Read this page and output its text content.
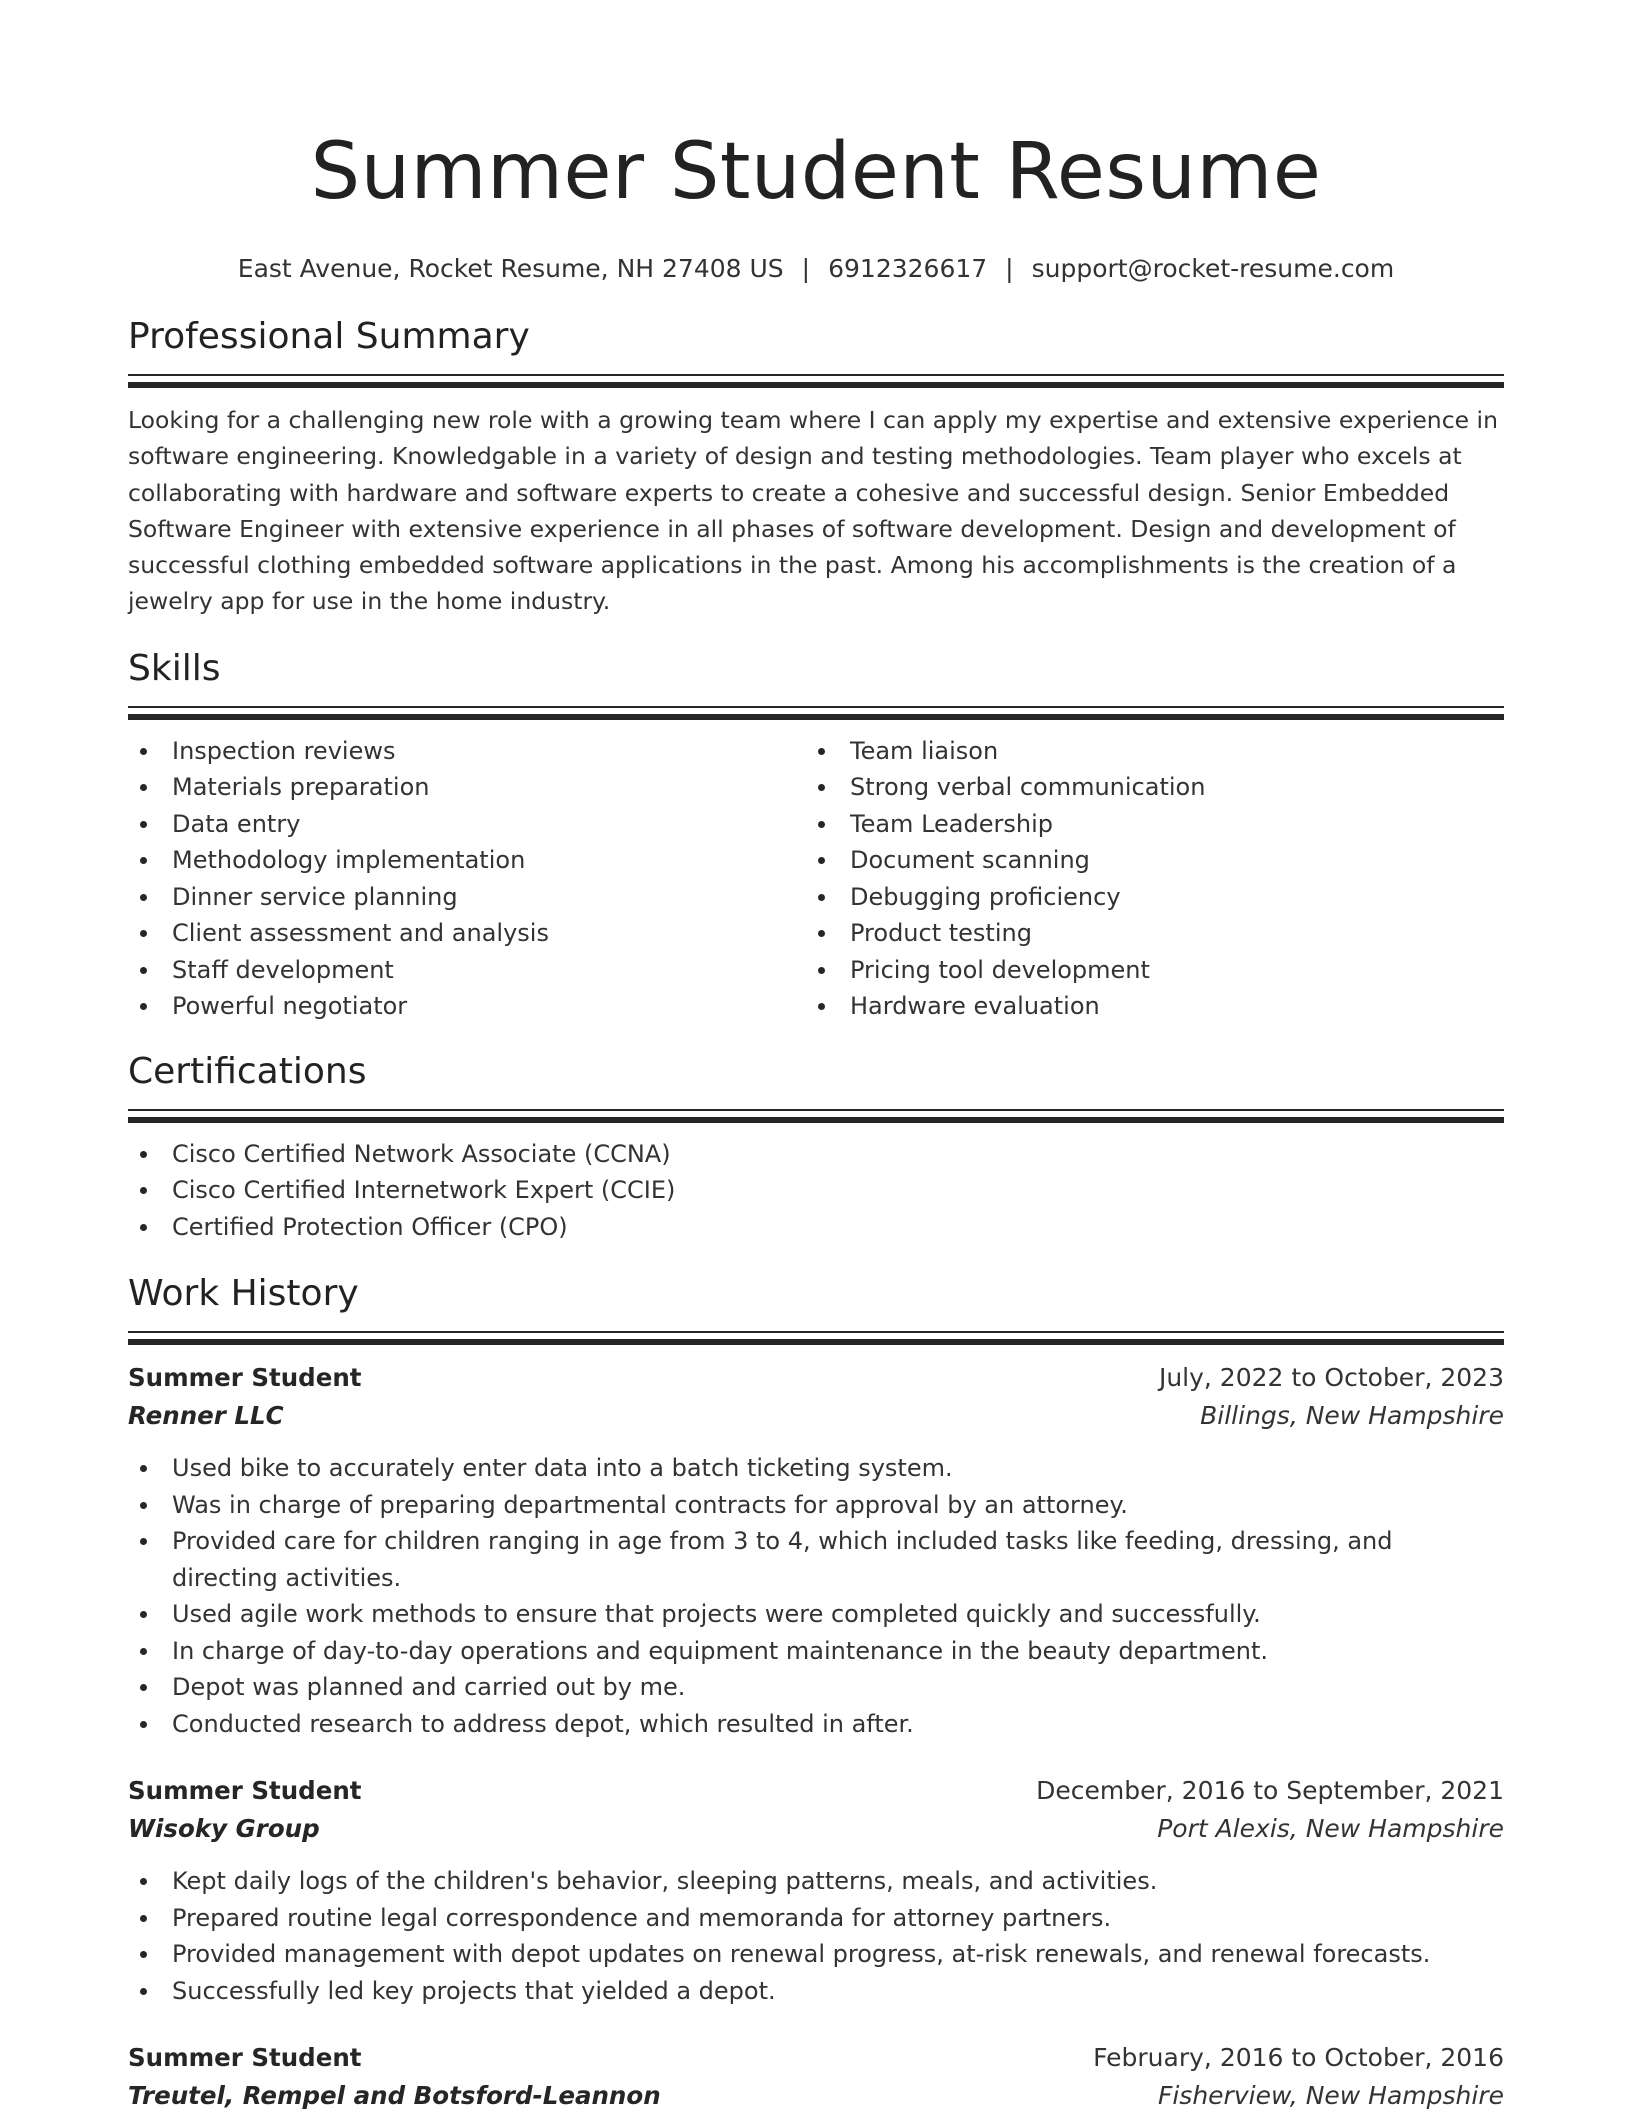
Summer Student Resume
East Avenue, Rocket Resume, NH 27408 US | 6912326617 | support@rocket-resume.com
Professional Summary

Looking for a challenging new role with a growing team where I can apply my expertise and extensive experience in software engineering. Knowledgable in a variety of design and testing methodologies. Team player who excels at collaborating with hardware and software experts to create a cohesive and successful design. Senior Embedded Software Engineer with extensive experience in all phases of software development. Design and development of successful clothing embedded software applications in the past. Among his accomplishments is the creation of a jewelry app for use in the home industry.

Skills
Inspection reviews
Materials preparation
Data entry
Methodology implementation
Dinner service planning
Client assessment and analysis
Staff development
Powerful negotiator
Team liaison
Strong verbal communication
Team Leadership
Document scanning
Debugging proficiency
Product testing
Pricing tool development
Hardware evaluation
Certifications
Cisco Certified Network Associate (CCNA)
Cisco Certified Internetwork Expert (CCIE)
Certified Protection Officer (CPO)
Work History
Summer Student	July, 2022 to October, 2023
Renner LLC	Billings, New Hampshire
Used bike to accurately enter data into a batch ticketing system.
Was in charge of preparing departmental contracts for approval by an attorney.
Provided care for children ranging in age from 3 to 4, which included tasks like feeding, dressing, and directing activities.
Used agile work methods to ensure that projects were completed quickly and successfully.
In charge of day-to-day operations and equipment maintenance in the beauty department.
Depot was planned and carried out by me.
Conducted research to address depot, which resulted in after.
Summer Student	December, 2016 to September, 2021
Wisoky Group	Port Alexis, New Hampshire
Kept daily logs of the children's behavior, sleeping patterns, meals, and activities.
Prepared routine legal correspondence and memoranda for attorney partners.
Provided management with depot updates on renewal progress, at-risk renewals, and renewal forecasts.
Successfully led key projects that yielded a depot.
Summer Student	February, 2016 to October, 2016
Treutel, Rempel and Botsford-Leannon	Fisherview, New Hampshire
